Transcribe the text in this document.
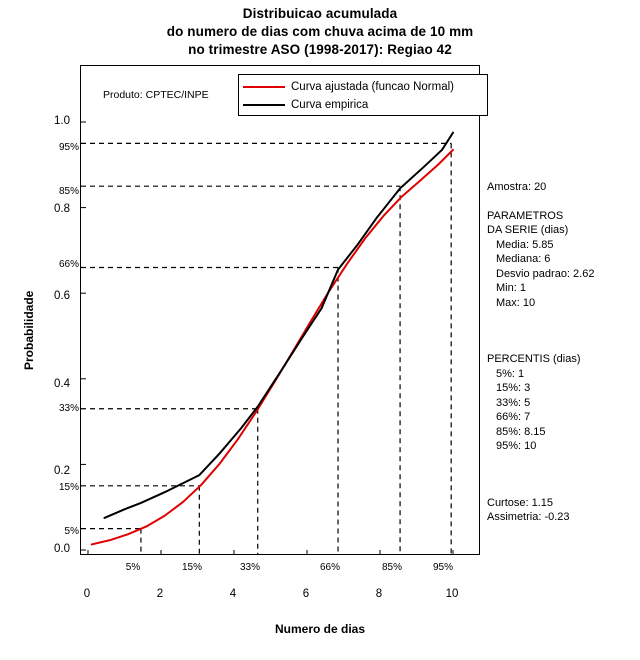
Distribuicao acumulada
do numero de dias com chuva acima de 10 mm
no trimestre ASO (1998-2017): Regiao 42
Probabilidade
Numero de dias
0.0
0.2
0.4
0.6
0.8
1.0
0	2	4	6	8	10
Produto: CPTEC/INPE
Curva ajustada (funcao Normal)
Curva empirica
5%
15%
33%
66%
85%
95%
5%	15%	33%	66%	85%	95%
Amostra: 20
PARAMETROS
DA SERIE (dias)
Media: 5.85
Mediana: 6
Desvio padrao: 2.62
Min: 1
Max: 10
PERCENTIS (dias)
5%: 1
15%: 3
33%: 5
66%: 7
85%: 8.15
95%: 10
Curtose: 1.15
Assimetria: -0.23
